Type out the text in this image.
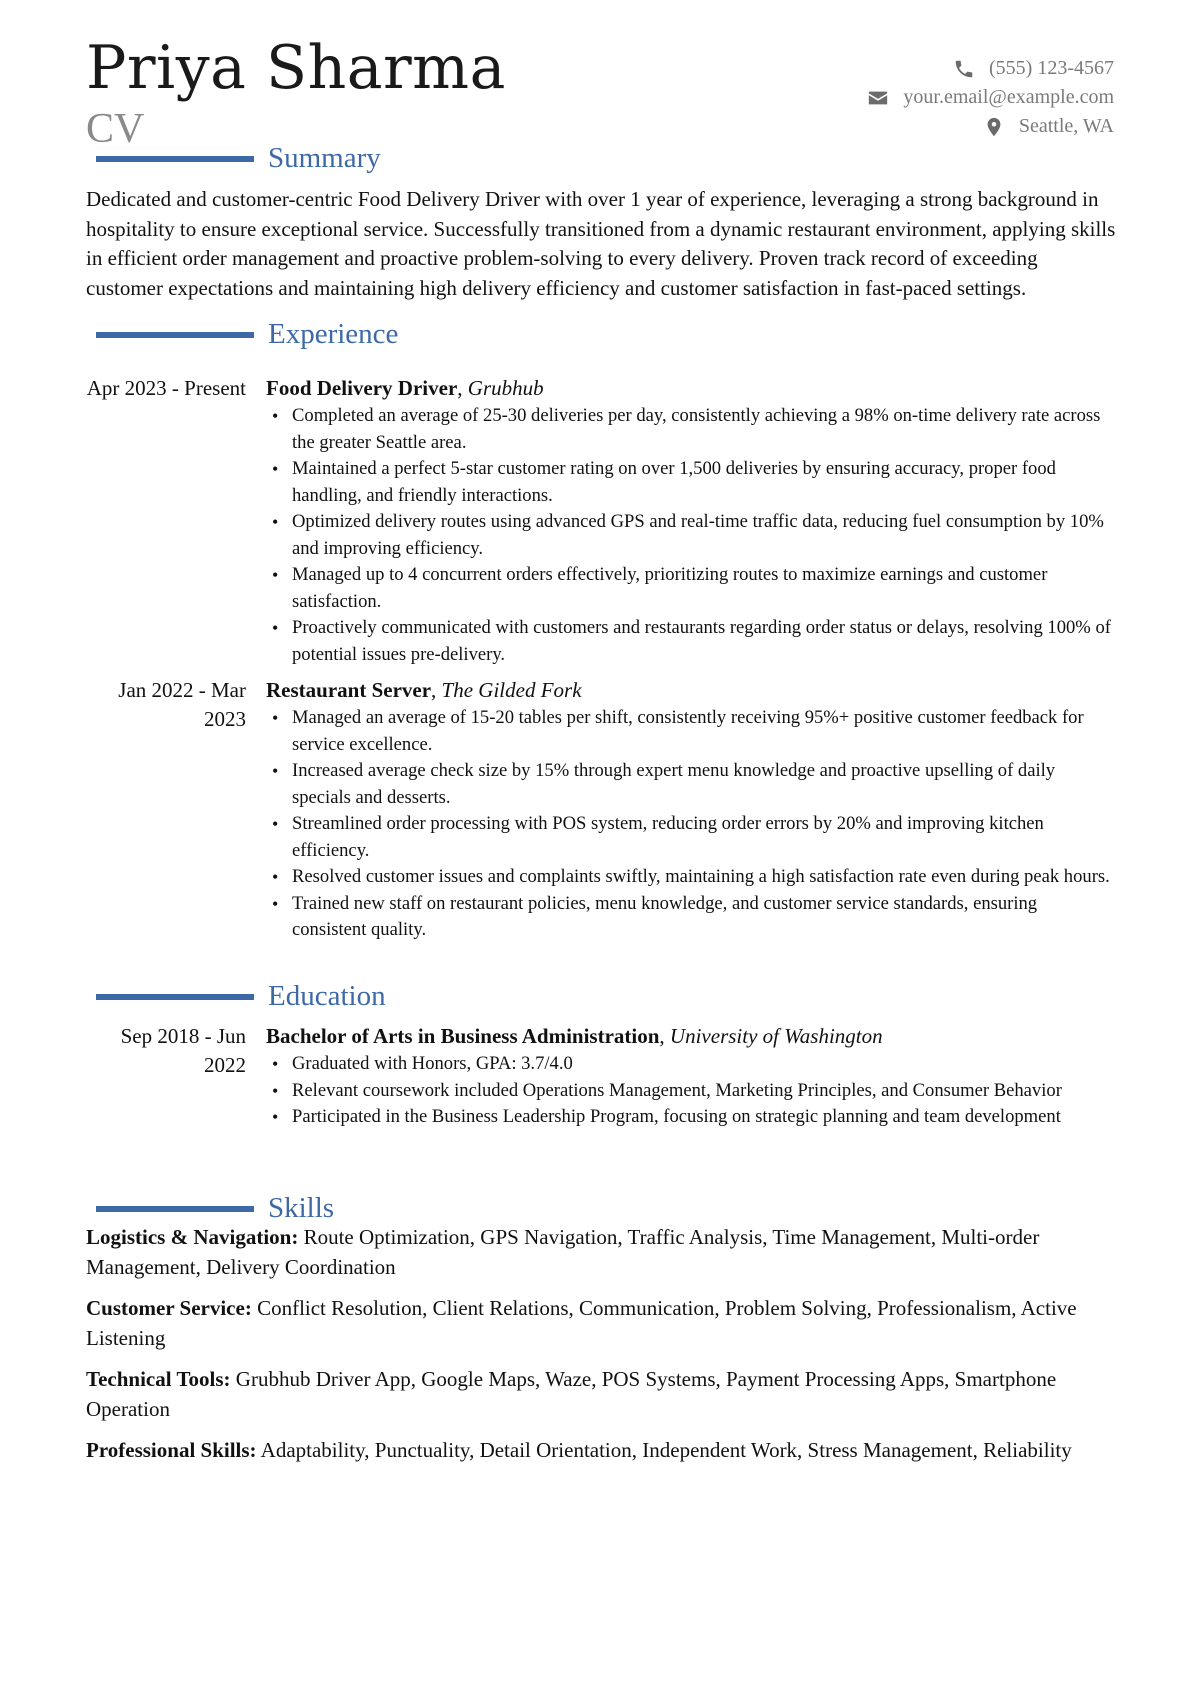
Priya Sharma
CV
(555) 123-4567
your.email@example.com
Seattle, WA
Summary
Dedicated and customer-centric Food Delivery Driver with over 1 year of experience, leveraging a strong background in hospitality to ensure exceptional service. Successfully transitioned from a dynamic restaurant environment, applying skills in efficient order management and proactive problem-solving to every delivery. Proven track record of exceeding customer expectations and maintaining high delivery efficiency and customer satisfaction in fast-paced settings.
Experience
Apr 2023 - Present Food Delivery Driver, Grubhub
• Completed an average of 25-30 deliveries per day, consistently achieving a 98% on-time delivery rate across the greater Seattle area.
• Maintained a perfect 5-star customer rating on over 1,500 deliveries by ensuring accuracy, proper food handling, and friendly interactions.
• Optimized delivery routes using advanced GPS and real-time traffic data, reducing fuel consumption by 10% and improving efficiency.
• Managed up to 4 concurrent orders effectively, prioritizing routes to maximize earnings and customer satisfaction.
• Proactively communicated with customers and restaurants regarding order status or delays, resolving 100% of potential issues pre-delivery.
Jan 2022 - Mar 2023
Restaurant Server, The Gilded Fork
• Managed an average of 15-20 tables per shift, consistently receiving 95%+ positive customer feedback for service excellence.
• Increased average check size by 15% through expert menu knowledge and proactive upselling of daily specials and desserts.
• Streamlined order processing with POS system, reducing order errors by 20% and improving kitchen efficiency.
• Resolved customer issues and complaints swiftly, maintaining a high satisfaction rate even during peak hours.
• Trained new staff on restaurant policies, menu knowledge, and customer service standards, ensuring consistent quality.
Education
Sep 2018 - Jun 2022
Bachelor of Arts in Business Administration, University of Washington
• Graduated with Honors, GPA: 3.7/4.0
• Relevant coursework included Operations Management, Marketing Principles, and Consumer Behavior
• Participated in the Business Leadership Program, focusing on strategic planning and team development
Skills
Logistics & Navigation: Route Optimization, GPS Navigation, Traffic Analysis, Time Management, Multi-order Management, Delivery Coordination
Customer Service: Conflict Resolution, Client Relations, Communication, Problem Solving, Professionalism, Active Listening
Technical Tools: Grubhub Driver App, Google Maps, Waze, POS Systems, Payment Processing Apps, Smartphone Operation
Professional Skills: Adaptability, Punctuality, Detail Orientation, Independent Work, Stress Management, Reliability
